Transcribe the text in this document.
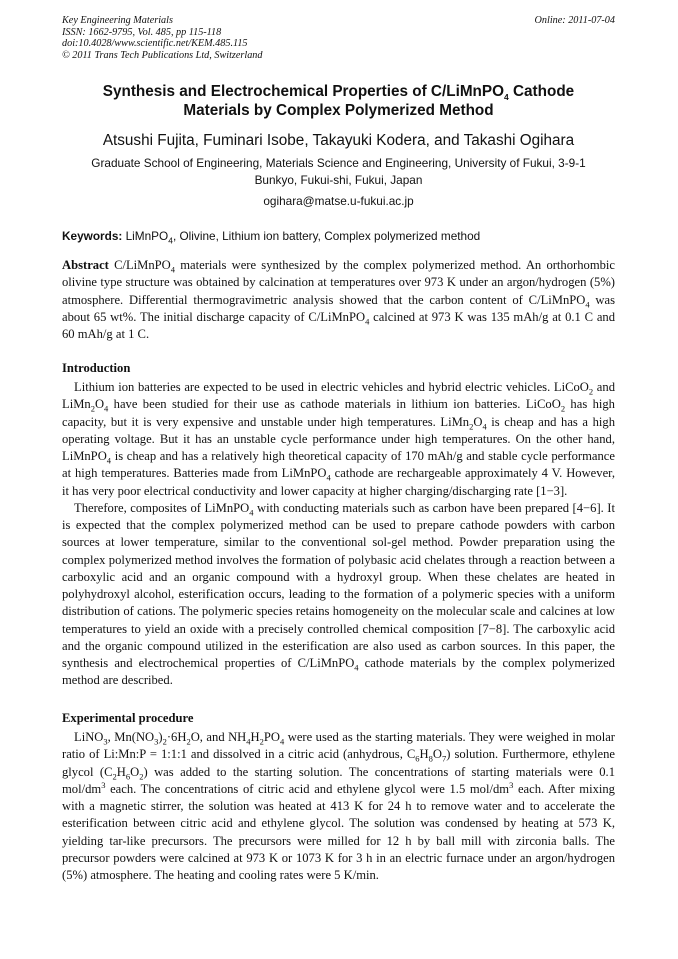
Key Engineering Materials
ISSN: 1662-9795, Vol. 485, pp 115-118
doi:10.4028/www.scientific.net/KEM.485.115
© 2011 Trans Tech Publications Ltd, Switzerland
Online: 2011-07-04
Synthesis and Electrochemical Properties of C/LiMnPO$_4$ Cathode
Materials by Complex Polymerized Method
Atsushi Fujita, Fuminari Isobe, Takayuki Kodera, and Takashi Ogihara
Graduate School of Engineering, Materials Science and Engineering, University of Fukui, 3-9-1
Bunkyo, Fukui-shi, Fukui, Japan
ogihara@matse.u-fukui.ac.jp
Keywords: LiMnPO$_4$, Olivine, Lithium ion battery, Complex polymerized method

Abstract C/LiMnPO$_4$ materials were synthesized by the complex polymerized method. An orthorhombic olivine type structure was obtained by calcination at temperatures over 973 K under an argon/hydrogen (5%) atmosphere. Differential thermogravimetric analysis showed that the carbon content of C/LiMnPO$_4$ was about 65 wt%. The initial discharge capacity of C/LiMnPO$_4$ calcined at 973 K was 135 mAh/g at 0.1 C and 60 mAh/g at 1 C.

Introduction

Lithium ion batteries are expected to be used in electric vehicles and hybrid electric vehicles. LiCoO$_2$ and $LiMn_2O_4$ have been studied for their use as cathode materials in lithium ion batteries. LiCoO$_2$ has high capacity, but it is very expensive and unstable under high temperatures. $LiMn_2O_4$ is cheap and has a high operating voltage. But it has an unstable cycle performance under high temperatures. On the other hand, LiMnPO$_4$ is cheap and has a relatively high theoretical capacity of 170 mAh/g and stable cycle performance at high temperatures. Batteries made from LiMnPO$_4$ cathode are rechargeable approximately 4 V. However, it has very poor electrical conductivity and lower capacity at higher charging/discharging rate [1−3].

Therefore, composites of LiMnPO$_4$ with conducting materials such as carbon have been prepared [4−6]. It is expected that the complex polymerized method can be used to prepare cathode powders with carbon sources at lower temperature, similar to the conventional sol-gel method. Powder preparation using the complex polymerized method involves the formation of polybasic acid chelates through a reaction between a carboxylic acid and an organic compound with a hydroxyl group. When these chelates are heated in polyhydroxyl alcohol, esterification occurs, leading to the formation of a polymeric species with a uniform distribution of cations. The polymeric species retains homogeneity on the molecular scale and calcines at low temperatures to yield an oxide with a precisely controlled chemical composition [7−8]. The carboxylic acid and the organic compound utilized in the esterification are also used as carbon sources. In this paper, the synthesis and electrochemical properties of C/LiMnPO$_4$ cathode materials by the complex polymerized method are described.

Experimental procedure

LiNO$_3$, $Mn(NO_3)_2\cdot 6H_2O$, and $NH_4H_2PO_4$ were used as the starting materials. They were weighed in molar ratio of Li:Mn:P = 1:1:1 and dissolved in a citric acid (anhydrous, $C_6H_8O_7$) solution. Furthermore, ethylene glycol $(C_2H_6O_2)$ was added to the starting solution. The concentrations of starting materials were 0.1 mol/$dm^3$ each. The concentrations of citric acid and ethylene glycol were 1.5 mol/$dm^3$ each. After mixing with a magnetic stirrer, the solution was heated at 413 K for 24 h to remove water and to accelerate the esterification between citric acid and ethylene glycol. The solution was condensed by heating at 573 K, yielding tar-like precursors. The precursors were milled for 12 h by ball mill with zirconia balls. The precursor powders were calcined at 973 K or 1073 K for 3 h in an electric furnace under an argon/hydrogen (5%) atmosphere. The heating and cooling rates were 5 K/min.
